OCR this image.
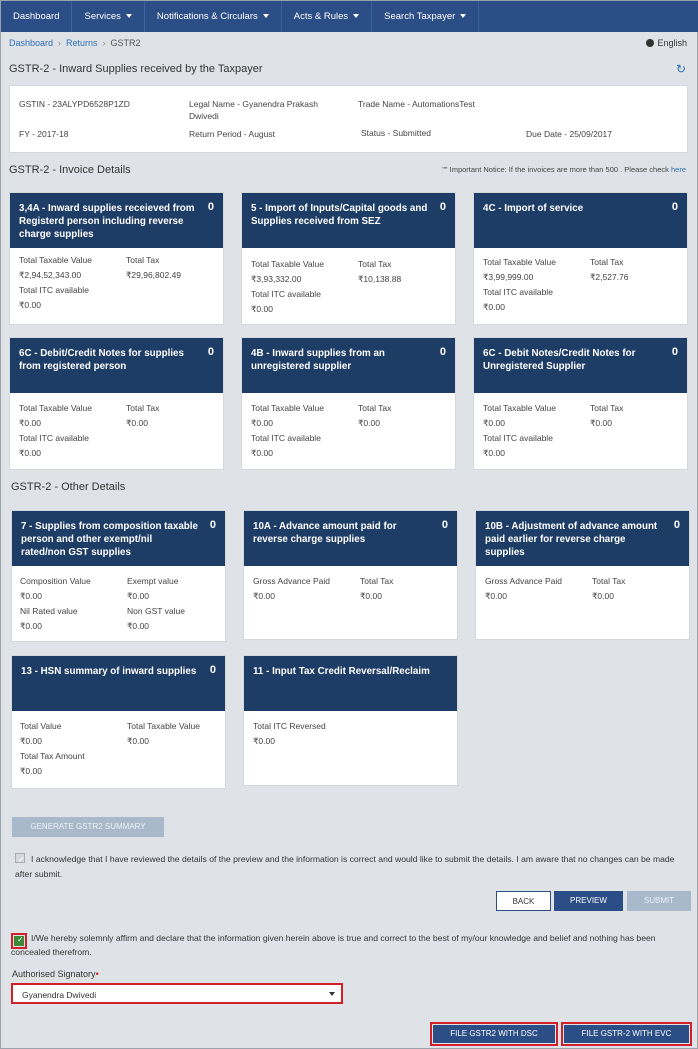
Dashboard	Services	Notifications & Circulars	Acts & Rules	Search Taxpayer
Dashboard › Returns › GSTR2	English
GSTR-2 - Inward Supplies received by the Taxpayer	↻
GSTIN - 23ALYPD6528P1ZD	Legal Name - Gyanendra Prakash Dwivedi
Trade Name - AutomationsTest
FY - 2017-18	Return Period - August	Status - Submitted	Due Date - 25/09/2017
GSTR-2 - Invoice Details	"" Important Notice: If the invoices are more than 500 . Please check here
3,4A - Inward supplies receieved from Registerd person including reverse charge supplies
0
Total Taxable Value
₹2,94,52,343.00
Total Tax
₹29,96,802.49
Total ITC available
₹0.00
5 - Import of Inputs/Capital goods and Supplies received from SEZ
0
Total Taxable Value
₹3,93,332.00
Total Tax
₹10,138.88
Total ITC available
₹0.00
4C - Import of service	0
Total Taxable Value
₹3,99,999.00
Total Tax
₹2,527.76
Total ITC available
₹0.00
6C - Debit/Credit Notes for supplies from registered person
0
Total Taxable Value
₹0.00
Total Tax
₹0.00
Total ITC available
₹0.00
4B - Inward supplies from an unregistered supplier
0
Total Taxable Value
₹0.00
Total Tax
₹0.00
Total ITC available
₹0.00
6C - Debit Notes/Credit Notes for Unregistered Supplier
0
Total Taxable Value
₹0.00
Total Tax
₹0.00
Total ITC available
₹0.00
GSTR-2 - Other Details
7 - Supplies from composition taxable person and other exempt/nil rated/non GST supplies
0
Composition Value
₹0.00
Exempt value
₹0.00
Nil Rated value
₹0.00
Non GST value
₹0.00
10A - Advance amount paid for reverse charge supplies
0
Gross Advance Paid
₹0.00
Total Tax
₹0.00
10B - Adjustment of advance amount paid earlier for reverse charge supplies
0
Gross Advance Paid
₹0.00
Total Tax
₹0.00
13 - HSN summary of inward supplies 0
Total Value
₹0.00
Total Taxable Value
₹0.00
Total Tax Amount
₹0.00
11 - Input Tax Credit Reversal/Reclaim
Total ITC Reversed
₹0.00
GENERATE GSTR2 SUMMARY
✓ I acknowledge that I have reviewed the details of the preview and the information is correct and would like to submit the details. I am aware that no changes can be made after submit.
BACK	PREVIEW	SUBMIT
✓ I/We hereby solemnly affirm and declare that the information given herein above is true and correct to the best of my/our knowledge and belief and nothing has been concealed therefrom.
Authorised Signatory•
Gyanendra Dwivedi
FILE GSTR2 WITH DSC	FILE GSTR-2 WITH EVC
